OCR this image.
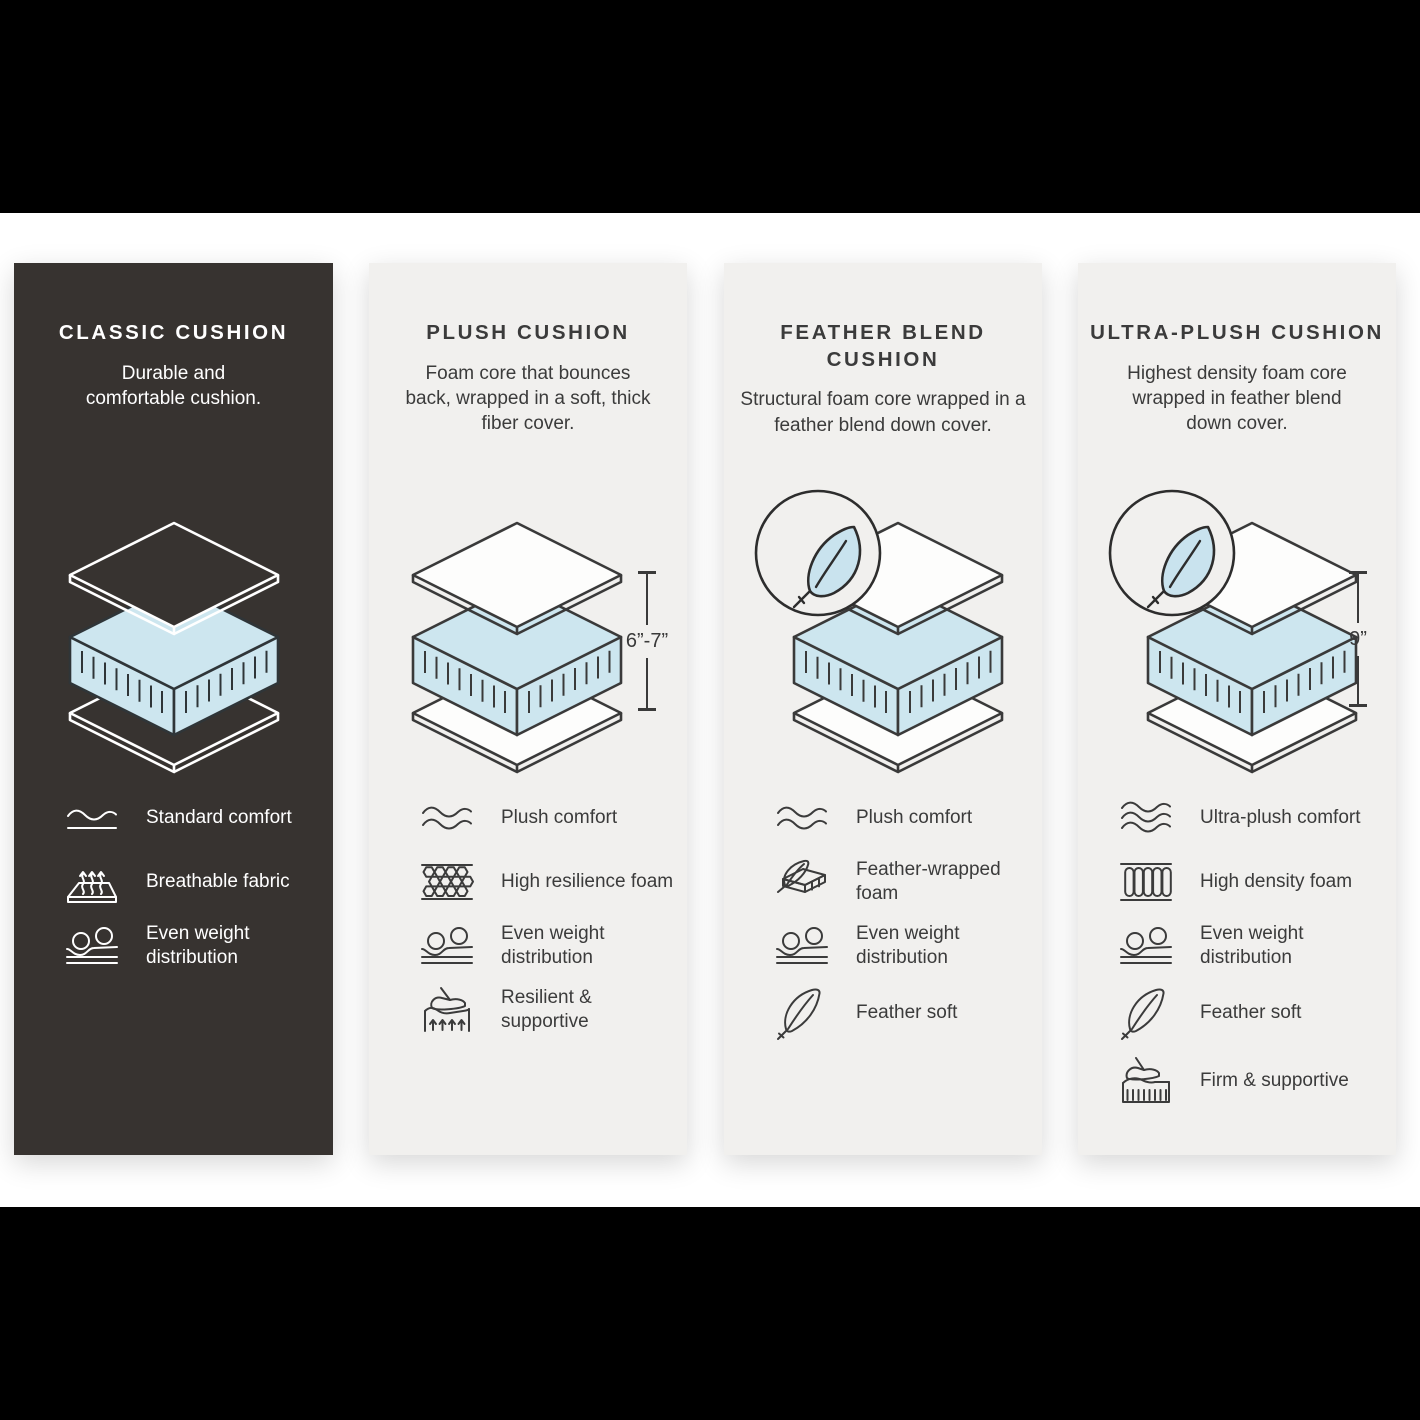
CLASSIC CUSHION

Durable and comfortable cushion.

Standard comfort
Breathable fabric
Even weight distribution
PLUSH CUSHION

Foam core that bounces back, wrapped in a soft, thick fiber cover.

6”-7”
Plush comfort
High resilience foam
Even weight distribution
Resilient & supportive
FEATHER BLEND CUSHION

Structural foam core wrapped in a feather blend down cover.

Plush comfort
Feather-wrapped foam
Even weight distribution
Feather soft
ULTRA-PLUSH CUSHION

Highest density foam core wrapped in feather blend down cover.

9”
Ultra-plush comfort
High density foam
Even weight distribution
Feather soft
Firm & supportive
